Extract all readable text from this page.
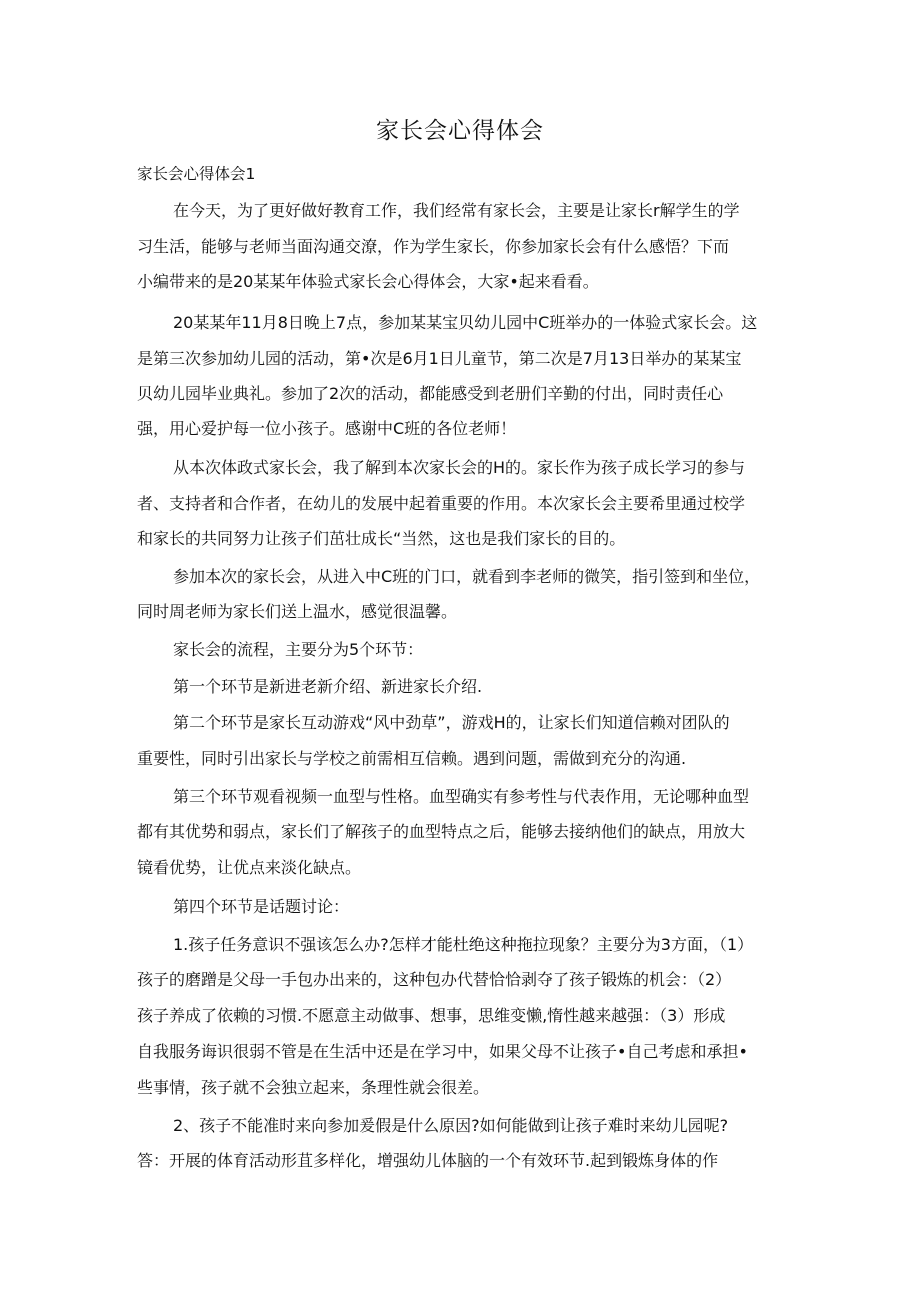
家长会心得体会

家长会心得体会1

在今天，为了更好做好教育工作，我们经常有家长会，主要是让家长r解学生的学

习生活，能够与老师当面沟通交潦，作为学生家长，你参加家长会有什么感悟？下而

小编带来的是20某某年体验式家长会心得体会，大家•起来看看。

20某某年11月8日晚上7点，参加某某宝贝幼儿园中C班举办的一体验式家长会。这

是第三次参加幼儿园的活动，第•次是6月1日儿童节，第二次是7月13日举办的某某宝

贝幼儿园毕业典礼。参加了2次的活动，都能感受到老册们辛勤的付出，同时责任心

强，用心爱护每一位小孩子。感谢中C班的各位老师！

从本次体政式家长会，我了解到本次家长会的H的。家长作为孩子成长学习的参与

者、支持者和合作者，在幼儿的发展中起着重要的作用。本次家长会主要希里通过校学

和家长的共同努力让孩子们茁壮成长“当然，这也是我们家长的目的。

参加本次的家长会，从进入中C班的门口，就看到李老师的微笑，指引签到和坐位，

同时周老师为家长们送上温水，感觉很温馨。

家长会的流程，主要分为5个环节：

第一个环节是新进老新介绍、新进家长介绍.

第二个环节是家长互动游戏“风中劲草”，游戏H的，让家长们知道信赖对团队的

重要性，同时引出家长与学校之前需相互信赖。遇到问题，需做到充分的沟通.

第三个环节观看视频一血型与性格。血型确实有参考性与代表作用，无论哪种血型

都有其优势和弱点，家长们了解孩子的血型特点之后，能够去接纳他们的缺点，用放大

镜看优势，让优点来淡化缺点。

第四个环节是话题讨论：

1.孩子任务意识不强该怎么办?怎样才能杜绝这种拖拉现象？主要分为3方面，（1）

孩子的磨蹭是父母一手包办出来的，这种包办代替恰恰剥夺了孩子锻炼的机会：（2）

孩子养成了依赖的习惯.不愿意主动做事、想事，思维变懒,惰性越来越强：（3）形成

自我服务诲识很弱不管是在生活中还是在学习中，如果父母不让孩子•自己考虑和承担•

些事情，孩子就不会独立起来，条理性就会很差。

2、孩子不能准时来向参加爰假是什么原因?如何能做到让孩子难时来幼儿园呢?

答：开展的体育活动形苴多样化，增强幼儿体脑的一个有效环节.起到锻炼身体的作
